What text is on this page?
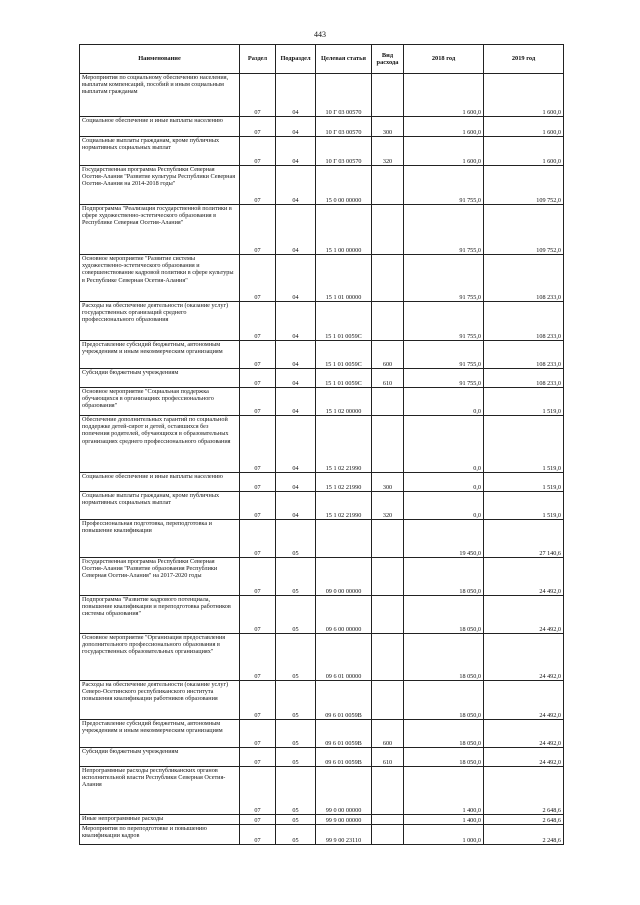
443
Наименование	Раздел	Подраздел	Целевая статья	Вид расхода	2018 год	2019 год
Мероприятия по социальному обеспечению населения, выплатам компенсаций, пособий и иным социальным выплатам гражданам	07	04	10 Г 03 00570		1 600,0	1 600,0
Социальное обеспечение и иные выплаты населению	07	04	10 Г 03 00570	300	1 600,0	1 600,0
Социальные выплаты гражданам, кроме публичных нормативных социальных выплат	07	04	10 Г 03 00570	320	1 600,0	1 600,0
Государственная программа Республики Северная Осетия-Алания "Развитие культуры Республики Северная Осетия-Алания на 2014-2018 годы"	07	04	15 0 00 00000		91 755,0	109 752,0
Подпрограмма "Реализация государственной политики в сфере художественно-эстетического образования в Республике Северная Осетия-Алания"	07	04	15 1 00 00000		91 755,0	109 752,0
Основное мероприятие "Развитие системы художественно-эстетического образования и совершенствование кадровой политики в сфере культуры в Республике Северная Осетия-Алания"	07	04	15 1 01 00000		91 755,0	108 233,0
Расходы на обеспечение деятельности (оказание услуг) государственных организаций среднего профессионального образования	07	04	15 1 01 0059С		91 755,0	108 233,0
Предоставление субсидий бюджетным, автономным учреждениям и иным некоммерческим организациям	07	04	15 1 01 0059С	600	91 755,0	108 233,0
Субсидии бюджетным учреждениям	07	04	15 1 01 0059С	610	91 755,0	108 233,0
Основное мероприятие "Социальная поддержка обучающихся в организациях профессионального образования"	07	04	15 1 02 00000		0,0	1 519,0
Обеспечение дополнительных гарантий по социальной поддержке детей-сирот и детей, оставшихся без попечения родителей, обучающихся в образовательных организациях среднего профессионального образования	07	04	15 1 02 21990		0,0	1 519,0
Социальное обеспечение и иные выплаты населению	07	04	15 1 02 21990	300	0,0	1 519,0
Социальные выплаты гражданам, кроме публичных нормативных социальных выплат	07	04	15 1 02 21990	320	0,0	1 519,0
Профессиональная подготовка, переподготовка и повышение квалификации	07	05			19 450,0	27 140,6
Государственная программа Республики Северная Осетия-Алания "Развитие образования Республики Северная Осетия-Алания" на 2017-2020 годы	07	05	09 0 00 00000		18 050,0	24 492,0
Подпрограмма "Развитие кадрового потенциала, повышение квалификации и переподготовка работников системы образования"	07	05	09 6 00 00000		18 050,0	24 492,0
Основное мероприятие "Организация предоставления дополнительного профессионального образования в государственных образовательных организациях"	07	05	09 6 01 00000		18 050,0	24 492,0
Расходы на обеспечение деятельности (оказание услуг) Северо-Осетинского республиканского института повышения квалификации работников образования	07	05	09 6 01 0059В		18 050,0	24 492,0
Предоставление субсидий бюджетным, автономным учреждениям и иным некоммерческим организациям	07	05	09 6 01 0059В	600	18 050,0	24 492,0
Субсидии бюджетным учреждениям	07	05	09 6 01 0059В	610	18 050,0	24 492,0
Непрограммные расходы республиканских органов исполнительной власти Республики Северная Осетия-Алания	07	05	99 0 00 00000		1 400,0	2 648,6
Иные непрограммные расходы	07	05	99 9 00 00000		1 400,0	2 648,6
Мероприятия по переподготовке и повышению квалификации кадров	07	05	99 9 00 23110		1 000,0	2 248,6
